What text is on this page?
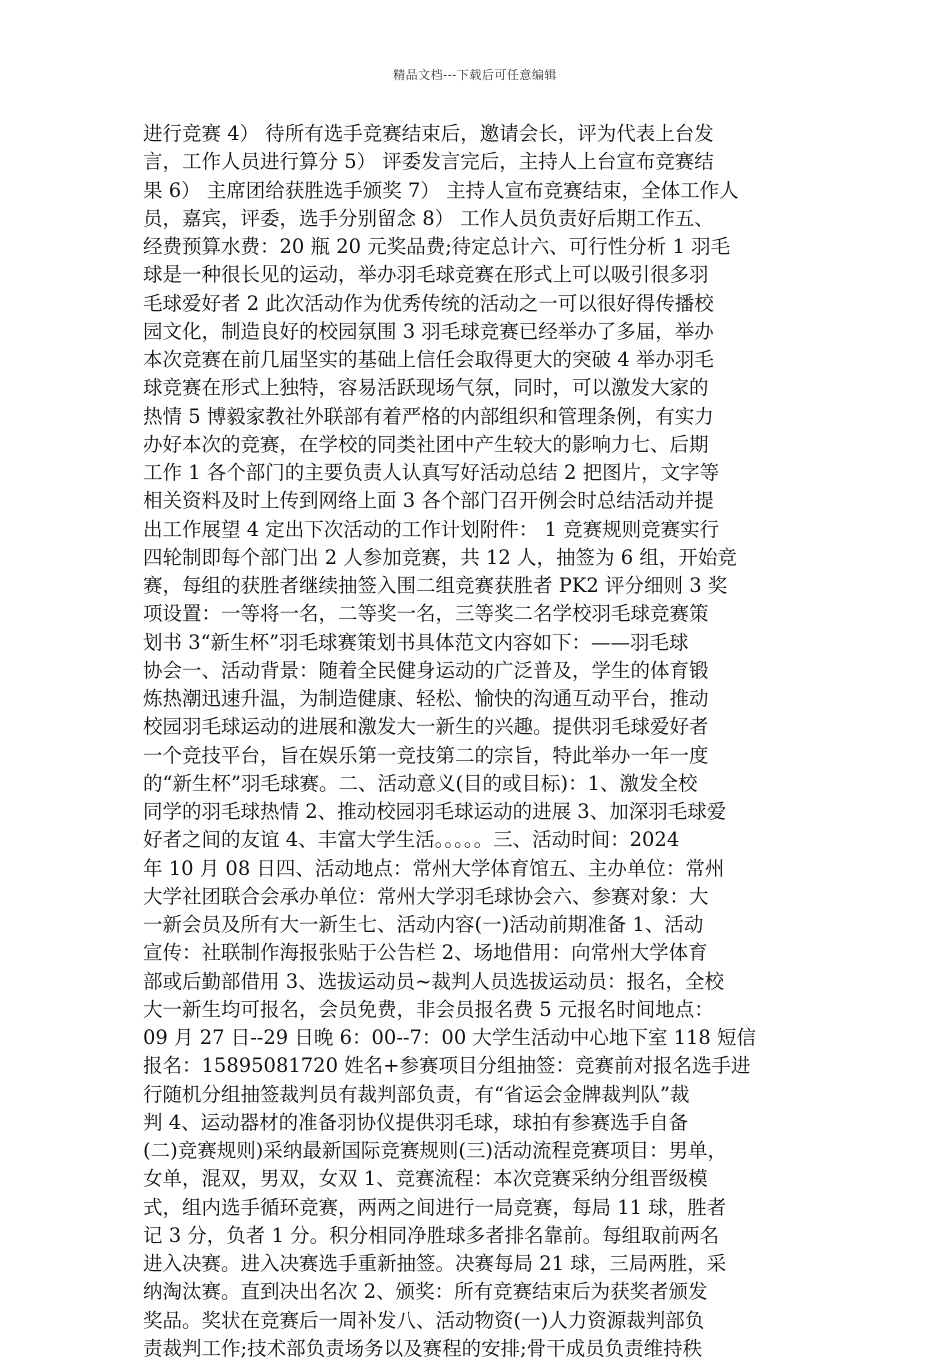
精品文档---下载后可任意编辑
进行竞赛 4） 待所有选手竞赛结束后，邀请会长，评为代表上台发
言，工作人员进行算分 5） 评委发言完后，主持人上台宣布竞赛结
果 6） 主席团给获胜选手颁奖 7） 主持人宣布竞赛结束，全体工作人
员，嘉宾，评委，选手分别留念 8） 工作人员负责好后期工作五、
经费预算水费：20 瓶 20 元奖品费;待定总计六、可行性分析 1 羽毛
球是一种很长见的运动，举办羽毛球竞赛在形式上可以吸引很多羽
毛球爱好者 2 此次活动作为优秀传统的活动之一可以很好得传播校
园文化，制造良好的校园氛围 3 羽毛球竞赛已经举办了多届，举办
本次竞赛在前几届坚实的基础上信任会取得更大的突破 4 举办羽毛
球竞赛在形式上独特，容易活跃现场气氛，同时，可以激发大家的
热情 5 博毅家教社外联部有着严格的内部组织和管理条例，有实力
办好本次的竞赛，在学校的同类社团中产生较大的影响力七、后期
工作 1 各个部门的主要负责人认真写好活动总结 2 把图片，文字等
相关资料及时上传到网络上面 3 各个部门召开例会时总结活动并提
出工作展望 4 定出下次活动的工作计划附件： 1 竞赛规则竞赛实行
四轮制即每个部门出 2 人参加竞赛，共 12 人，抽签为 6 组，开始竞
赛，每组的获胜者继续抽签入围二组竞赛获胜者 PK2 评分细则 3 奖
项设置：一等将一名，二等奖一名，三等奖二名学校羽毛球竞赛策
划书 3“新生杯”羽毛球赛策划书具体范文内容如下：——羽毛球
协会一、活动背景：随着全民健身运动的广泛普及，学生的体育锻
炼热潮迅速升温，为制造健康、轻松、愉快的沟通互动平台，推动
校园羽毛球运动的进展和激发大一新生的兴趣。提供羽毛球爱好者
一个竞技平台，旨在娱乐第一竞技第二的宗旨，特此举办一年一度
的“新生杯”羽毛球赛。二、活动意义(目的或目标)：1、激发全校
同学的羽毛球热情 2、推动校园羽毛球运动的进展 3、加深羽毛球爱
好者之间的友谊 4、丰富大学生活。。。。。三、活动时间：2024
年 10 月 08 日四、活动地点：常州大学体育馆五、主办单位：常州
大学社团联合会承办单位：常州大学羽毛球协会六、参赛对象：大
一新会员及所有大一新生七、活动内容(一)活动前期准备 1、活动
宣传：社联制作海报张贴于公告栏 2、场地借用：向常州大学体育
部或后勤部借用 3、选拔运动员~裁判人员选拔运动员：报名，全校
大一新生均可报名，会员免费，非会员报名费 5 元报名时间地点：
09 月 27 日--29 日晚 6：00--7：00 大学生活动中心地下室 118 短信
报名：15895081720 姓名+参赛项目分组抽签：竞赛前对报名选手进
行随机分组抽签裁判员有裁判部负责，有“省运会金牌裁判队”裁
判 4、运动器材的准备羽协仪提供羽毛球，球拍有参赛选手自备
(二)竞赛规则)采纳最新国际竞赛规则(三)活动流程竞赛项目：男单，
女单，混双，男双，女双 1、竞赛流程：本次竞赛采纳分组晋级模
式，组内选手循环竞赛，两两之间进行一局竞赛，每局 11 球，胜者
记 3 分，负者 1 分。积分相同净胜球多者排名靠前。每组取前两名
进入决赛。进入决赛选手重新抽签。决赛每局 21 球，三局两胜，采
纳淘汰赛。直到决出名次 2、颁奖：所有竞赛结束后为获奖者颁发
奖品。奖状在竞赛后一周补发八、活动物资(一)人力资源裁判部负
责裁判工作;技术部负责场务以及赛程的安排;骨干成员负责维持秩
